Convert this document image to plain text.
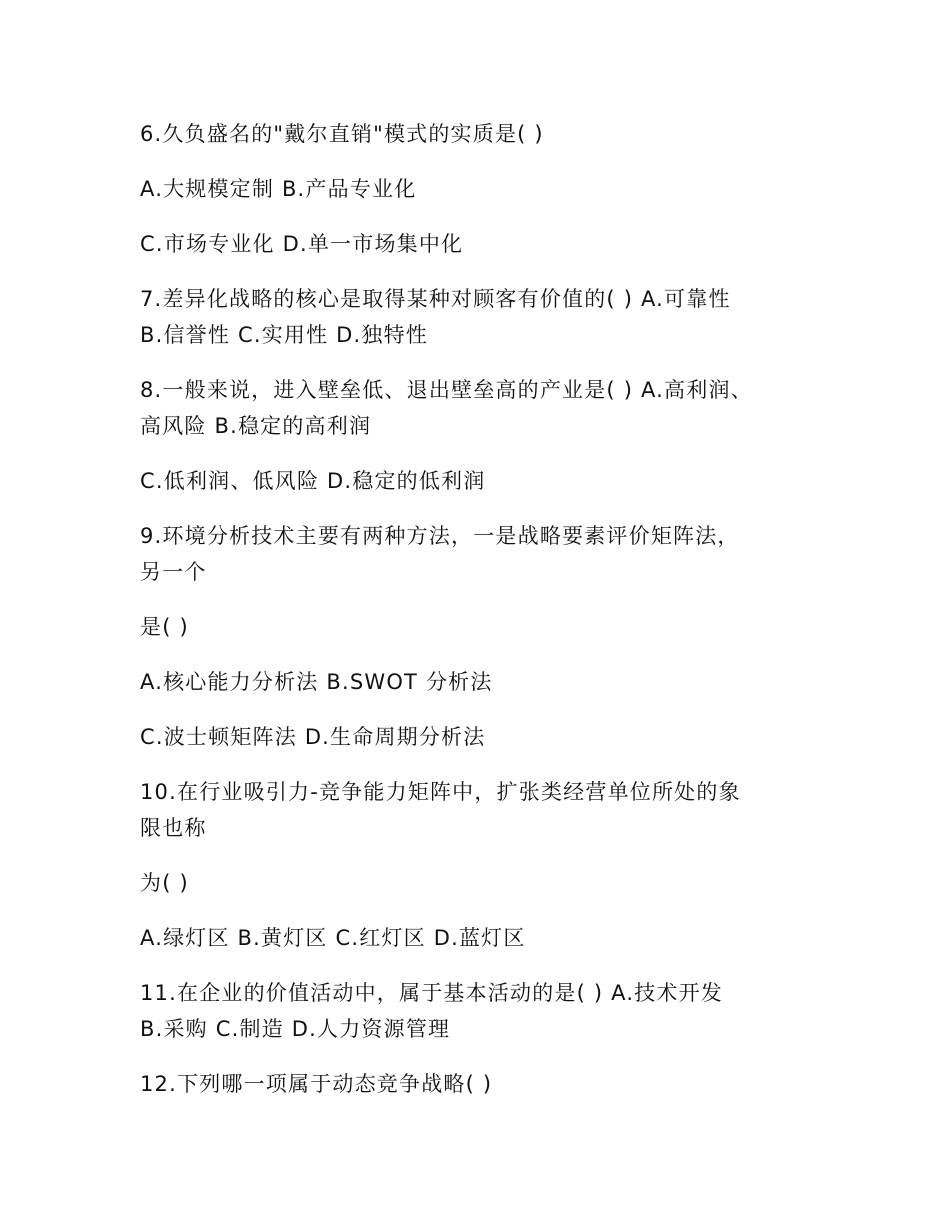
6.久负盛名的"戴尔直销"模式的实质是( )

A.大规模定制 B.产品专业化

C.市场专业化 D.单一市场集中化

7.差异化战略的核心是取得某种对顾客有价值的( ) A.可靠性

B.信誉性 C.实用性 D.独特性

8.一般来说，进入壁垒低、退出壁垒高的产业是( ) A.高利润、

高风险 B.稳定的高利润

C.低利润、低风险 D.稳定的低利润

9.环境分析技术主要有两种方法，一是战略要素评价矩阵法，

另一个

是( )

A.核心能力分析法 B.SWOT 分析法

C.波士顿矩阵法 D.生命周期分析法

10.在行业吸引力-竞争能力矩阵中，扩张类经营单位所处的象

限也称

为( )

A.绿灯区 B.黄灯区 C.红灯区 D.蓝灯区

11.在企业的价值活动中，属于基本活动的是( ) A.技术开发

B.采购 C.制造 D.人力资源管理

12.下列哪一项属于动态竞争战略( )
